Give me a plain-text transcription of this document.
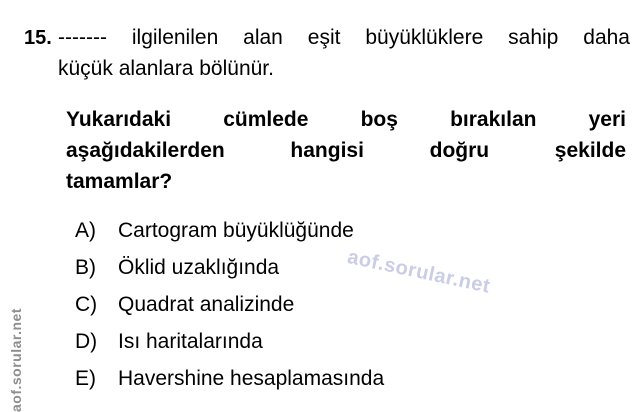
15. ------- ilgilenilen alan eşit büyüklüklere sahip daha
küçük alanlara bölünür.
Yukarıdaki cümlede boş bırakılan yeri
aşağıdakilerden hangisi doğru şekilde
tamamlar?
A)	Cartogram büyüklüğünde
B)	Öklid uzaklığında
C) Quadrat analizinde
D) Isı haritalarında
E)	Havershine hesaplamasında
aof.sorular.net
aof.sorular.net
